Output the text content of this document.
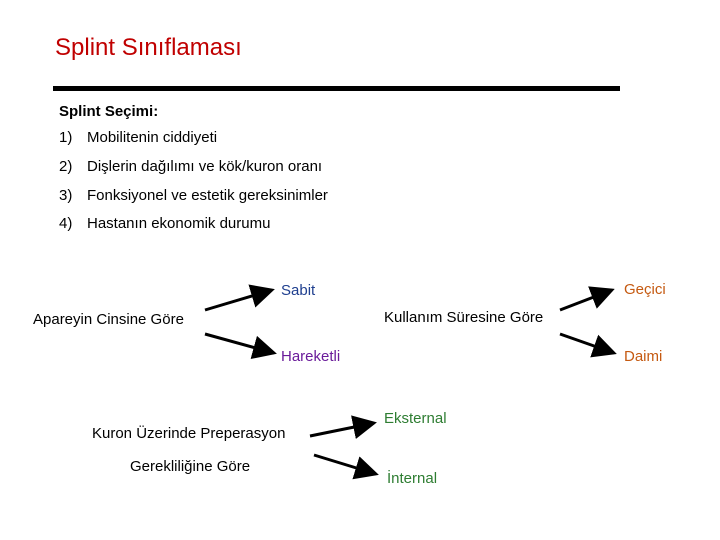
Splint Sınıflaması
Splint Seçimi:
1) Mobilitenin ciddiyeti
2) Dişlerin dağılımı ve kök/kuron oranı
3) Fonksiyonel ve estetik gereksinimler
4) Hastanın ekonomik durumu
Apareyin Cinsine Göre
Sabit
Hareketli
Kullanım Süresine Göre
Geçici
Daimi
Kuron Üzerinde Preperasyon
Gerekliliğine Göre
Eksternal
İnternal
